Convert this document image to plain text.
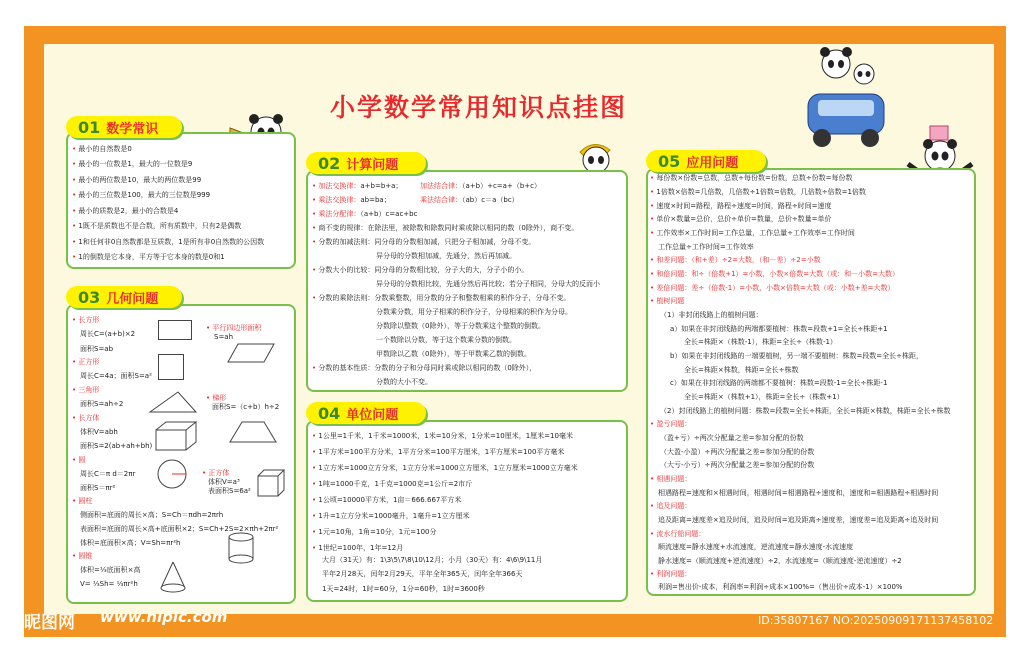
小学数学常用知识点挂图
01 数学常识
• 最小的自然数是0
• 最小的一位数是1，最大的一位数是9
• 最小的两位数是10，最大的两位数是99
• 最小的三位数是100，最大的三位数是999
• 最小的质数是2，最小的合数是4
• 1既不是质数也不是合数，所有质数中，只有2是偶数
• 1和任何非0自然数都是互质数，1是所有非0自然数的公因数
• 1的倒数是它本身，平方等于它本身的数是0和1
03 几何问题
• 长方形
周长C=(a+b)×2
面积S=ab
• 正方形
周长C=4a；面积S=a²
• 三角形
面积S=ah÷2
• 长方体
体积V=abh
面积S=2(ab+ah+bh)
• 圆
周长C＝π d＝2πr
面积S＝πr²
• 圆柱
侧面积=底面的周长×高；S=Ch＝πdh=2πrh
表面积=底面的周长×高+底面积×2；S=Ch+2S=2×πh+2πr²
体积=底面积×高；V=Sh=πr²h
• 圆锥
体积=⅓底面积×高
V= ⅓Sh= ⅓πr²h
• 平行四边形面积
S=ah
• 梯形
面积S=（c+b）h÷2
• 正方体
体积V=a³
表面积S=6a²
02 计算问题
• 加法交换律：a+b=b+a；	加法结合律：（a+b）+c=a+（b+c）
• 乘法交换律：ab=ba；	乘法结合律：（ab）c＝a（bc）
• 乘法分配律：（a+b）c=ac+bc
• 商不变的规律：在除法里，被除数和除数同时乘或除以相同的数（0除外），商不变。
• 分数的加减法则：同分母的分数相加减，只把分子相加减，分母不变。
异分母的分数相加减，先通分，然后再加减。
• 分数大小的比较：同分母的分数相比较，分子大的大，分子小的小。
异分母的分数相比较，先通分然后再比较；若分子相同，分母大的反而小
• 分数的乘除法则：分数乘整数，用分数的分子和整数相乘的积作分子，分母不变。
分数乘分数，用分子相乘的积作分子，分母相乘的积作为分母。
分数除以整数（0除外），等于分数乘这个整数的倒数。
一个数除以分数，等于这个数乘分数的倒数。
甲数除以乙数（0除外），等于甲数乘乙数的倒数。
• 分数的基本性质：分数的分子和分母同时乘或除以相同的数（0除外），
分数的大小不变。
04 单位问题
• 1公里=1千米，1千米=1000米，1米=10分米，1分米=10厘米，1厘米=10毫米
• 1平方米=100平方分米，1平方分米=100平方厘米，1平方厘米=100平方毫米
• 1立方米=1000立方分米，1立方分米=1000立方厘米，1立方厘米=1000立方毫米
• 1吨=1000千克，1千克=1000克=1公斤=2市斤
• 1公顷=10000平方米，1亩＝666.667平方米
• 1升=1立方分米=1000毫升，1毫升=1立方厘米
• 1元=10角，1角=10分，1元=100分
• 1世纪=100年，1年=12月
大月（31天）有：1\3\5\7\8\10\12月；小月（30天）有：4\6\9\11月
平年2月28天，闰年2月29天，平年全年365天，闰年全年366天
1天=24时，1时=60分，1分=60秒，1时=3600秒
05 应用问题
• 每份数×份数=总数，总数÷每份数=份数，总数÷份数=每份数
• 1倍数×倍数=几倍数，几倍数÷1倍数=倍数，几倍数÷倍数=1倍数
• 速度×时间=路程，路程÷速度=时间，路程÷时间=速度
• 单价×数量=总价，总价÷单价=数量，总价÷数量=单价
• 工作效率×工作时间=工作总量，工作总量÷工作效率=工作时间
工作总量÷工作时间=工作效率
• 和差问题：（和+差）÷2=大数，（和－差）÷2=小数
• 和倍问题：和÷（倍数+1）=小数，小数×倍数=大数（或：和－小数=大数）
• 差倍问题：差÷（倍数-1）=小数，小数×倍数=大数（或：小数+差=大数）
• 植树问题
（1）非封闭线路上的植树问题：
a）如果在非封闭线路的两端都要植树：株数=段数+1=全长÷株距+1
全长=株距×（株数-1），株距=全长÷（株数-1）
b）如果在非封闭线路的一端要植树，另一端不要植树：株数=段数=全长÷株距，
全长=株距×株数，株距=全长÷株数
c）如果在非封闭线路的两端都不要植树：株数=段数-1=全长÷株距-1
全长=株距×（株数+1），株距=全长÷（株数+1）
（2）封闭线路上的植树问题：株数=段数=全长÷株距，全长=株距×株数，株距=全长÷株数
• 盈亏问题：
（盈+亏）÷两次分配量之差=参加分配的份数
（大盈-小盈）÷两次分配量之差=参加分配的份数
（大亏-小亏）÷两次分配量之差=参加分配的份数
• 相遇问题：
相遇路程=速度和×相遇时间，相遇时间=相遇路程÷速度和，速度和=相遇路程÷相遇时间
• 追及问题：
追及距离=速度差×追及时间，追及时间=追及距离÷速度差，速度差=追及距离÷追及时间
• 流水行船问题：
顺流速度=静水速度+水流速度，逆流速度=静水速度-水流速度
静水速度=（顺流速度+逆流速度）÷2，水流速度=（顺流速度-逆流速度）÷2
• 利润问题：
利润=售出价-成本，利润率=利润÷成本×100%=（售出价÷成本-1）×100%
昵图网 www.nipic.com	ID:35807167 NO:20250909171137458102
